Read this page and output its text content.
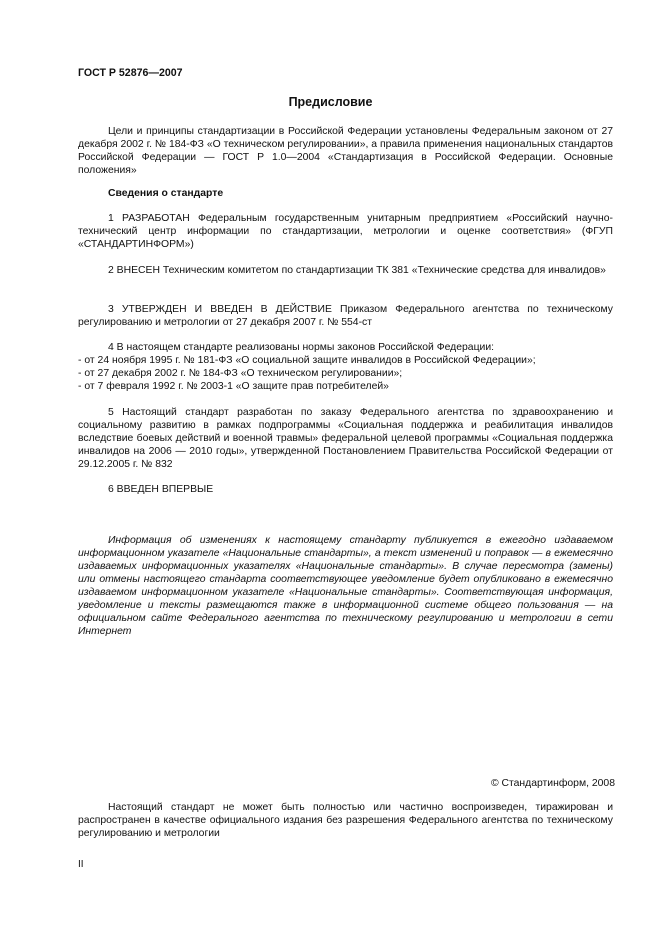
ГОСТ Р 52876—2007
Предисловие
Цели и принципы стандартизации в Российской Федерации установлены Федеральным законом от 27 декабря 2002 г. № 184-ФЗ «О техническом регулировании», а правила применения национальных стандартов Российской Федерации — ГОСТ Р 1.0—2004 «Стандартизация в Российской Федерации. Основные положения»
Сведения о стандарте
1 РАЗРАБОТАН Федеральным государственным унитарным предприятием «Российский научно-технический центр информации по стандартизации, метрологии и оценке соответствия» (ФГУП «СТАНДАРТИНФОРМ»)
2 ВНЕСЕН Техническим комитетом по стандартизации ТК 381 «Технические средства для инвалидов»
3 УТВЕРЖДЕН И ВВЕДЕН В ДЕЙСТВИЕ Приказом Федерального агентства по техническому регулированию и метрологии от 27 декабря 2007 г. № 554-ст
4 В настоящем стандарте реализованы нормы законов Российской Федерации:
- от 24 ноября 1995 г. № 181-ФЗ «О социальной защите инвалидов в Российской Федерации»;
- от 27 декабря 2002 г. № 184-ФЗ «О техническом регулировании»;
- от 7 февраля 1992 г. № 2003-1 «О защите прав потребителей»
5 Настоящий стандарт разработан по заказу Федерального агентства по здравоохранению и социальному развитию в рамках подпрограммы «Социальная поддержка и реабилитация инвалидов вследствие боевых действий и военной травмы» федеральной целевой программы «Социальная поддержка инвалидов на 2006 — 2010 годы», утвержденной Постановлением Правительства Российской Федерации от 29.12.2005 г. № 832
6 ВВЕДЕН ВПЕРВЫЕ
Информация об изменениях к настоящему стандарту публикуется в ежегодно издаваемом информационном указателе «Национальные стандарты», а текст изменений и поправок — в ежемесячно издаваемых информационных указателях «Национальные стандарты». В случае пересмотра (замены) или отмены настоящего стандарта соответствующее уведомление будет опубликовано в ежемесячно издаваемом информационном указателе «Национальные стандарты». Соответствующая информация, уведомление и тексты размещаются также в информационной системе общего пользования — на официальном сайте Федерального агентства по техническому регулированию и метрологии в сети Интернет
© Стандартинформ, 2008
Настоящий стандарт не может быть полностью или частично воспроизведен, тиражирован и распространен в качестве официального издания без разрешения Федерального агентства по техническому регулированию и метрологии
II
